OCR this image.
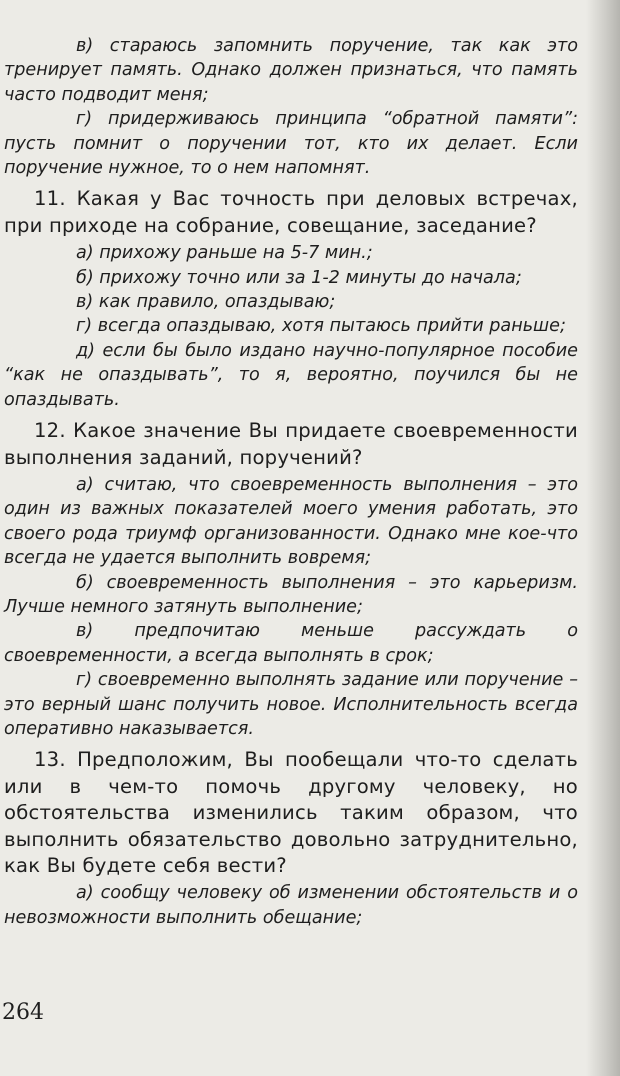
в) стараюсь запомнить поручение, так как это тренирует память. Однако должен признаться, что память часто подводит меня;

г) придерживаюсь принципа “обратной памяти”: пусть помнит о поручении тот, кто их делает. Если поручение нужное, то о нем напомнят.

11. Какая у Вас точность при деловых встречах, при приходе на собрание, совещание, заседание?

а) прихожу раньше на 5-7 мин.;

б) прихожу точно или за 1-2 минуты до начала;

в) как правило, опаздываю;

г) всегда опаздываю, хотя пытаюсь прийти раньше;

д) если бы было издано научно-популярное пособие “как не опаздывать”, то я, вероятно, поучился бы не опаздывать.

12. Какое значение Вы придаете своевременности выполнения заданий, поручений?

а) считаю, что своевременность выполнения – это один из важных показателей моего умения работать, это своего рода триумф организованности. Однако мне кое-что всегда не удается выполнить вовремя;

б) своевременность выполнения – это карьеризм. Лучше немного затянуть выполнение;

в) предпочитаю меньше рассуждать о своевременности, а всегда выполнять в срок;

г) своевременно выполнять задание или поручение – это верный шанс получить новое. Исполнительность всегда оперативно наказывается.

13. Предположим, Вы пообещали что-то сделать или в чем-то помочь другому человеку, но обстоятельства изменились таким образом, что выполнить обязательство довольно затруднительно, как Вы будете себя вести?

а) сообщу человеку об изменении обстоятельств и о невозможности выполнить обещание;

264
